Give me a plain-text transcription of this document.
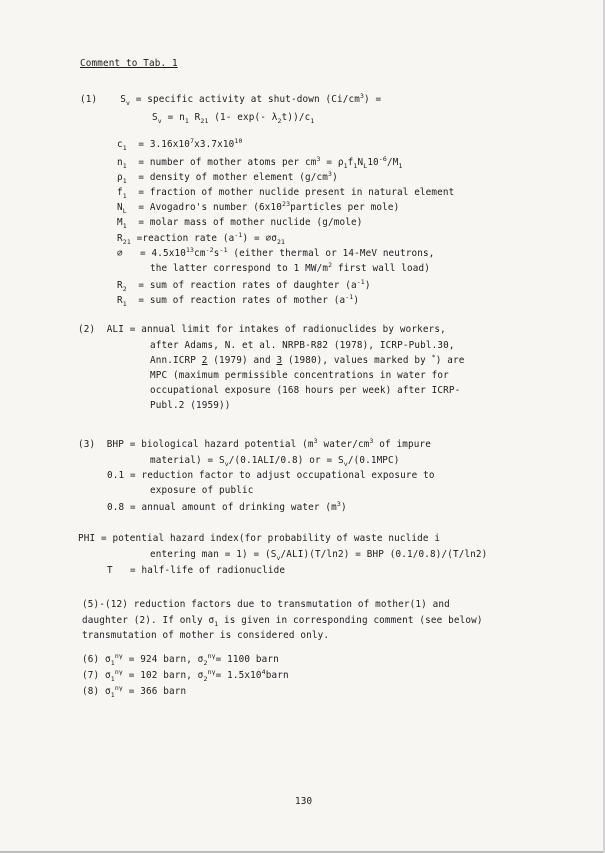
Comment to Tab. 1
(1)    $S_v$ = specific activity at shut-down $(Ci/cm^3)$ =
$S_v = n_1$ $R_{21}$ (1- exp(- $\lambda_2t))/c_1$
$c_1 = 3.16x10^7x3.7x10^{10}$
$n_1$  = number of mother atoms per $cm^3 = \rho_1f_1N_L10^{-6}/M_1$
$\rho_1$  = density of mother element $(g/cm^3)$
$f_1$  = fraction of mother nuclide present in natural element
$N_L$  = Avogadro's number ($6x10^{23}particles$ per mole)
$M_1$  = molar mass of mother nuclide (g/mole)
$R_{21}$ =reaction rate $(a^{-1})$ = $\emptyset\sigma_{21}$
∅   = $4.5x10^{13}cm^{-2}s^{-1}$ (either thermal or 14-MeV neutrons,
the latter correspond to 1 $MW/m^2$ first wall load)
$R_2$  = sum of reaction rates of daughter $(a^{-1})$
$R_1$  = sum of reaction rates of mother $(a^{-1})$
(2)  ALI = annual limit for intakes of radionuclides by workers,
after Adams, N. et al. NRPB-R82 (1978), ICRP-Publ.30,
Ann.ICRP 2 (1979) and 3 (1980), values marked by *) are
MPC (maximum permissible concentrations in water for
occupational exposure (168 hours per week) after ICRP-
Publ.2 (1959))
(3)  BHP = biological hazard potential ($m^3$ water/$cm^3$ of impure
material) = $S_v/(0.1ALI/0.8)$ or = $S_v/(0.1MPC)$
0.1 = reduction factor to adjust occupational exposure to
exposure of public
0.8 = annual amount of drinking water $(m^3)$
PHI = potential hazard index(for probability of waste nuclide i
entering man = $1) = (S_v/ALI)(T/\ln 2)$ = BHP (0.1/0.8)/(T/ln2)
T   = half-life of radionuclide
(5)-(12) reduction factors due to transmutation of mother(1) and
daughter (2). If only $\sigma_1$ is given in corresponding comment (see below)
transmutation of mother is considered only.
(6) $\sigma_1^{n\gamma} = 924$ barn, $\sigma_2^{n\gamma}= 1100$ barn
(7) $\sigma_1^{n\gamma} = 102$ barn, $\sigma_2^{n\gamma}=$ $1.5x10^4barn$
(8) $\sigma_1^{n\gamma} = 366$ barn
130
